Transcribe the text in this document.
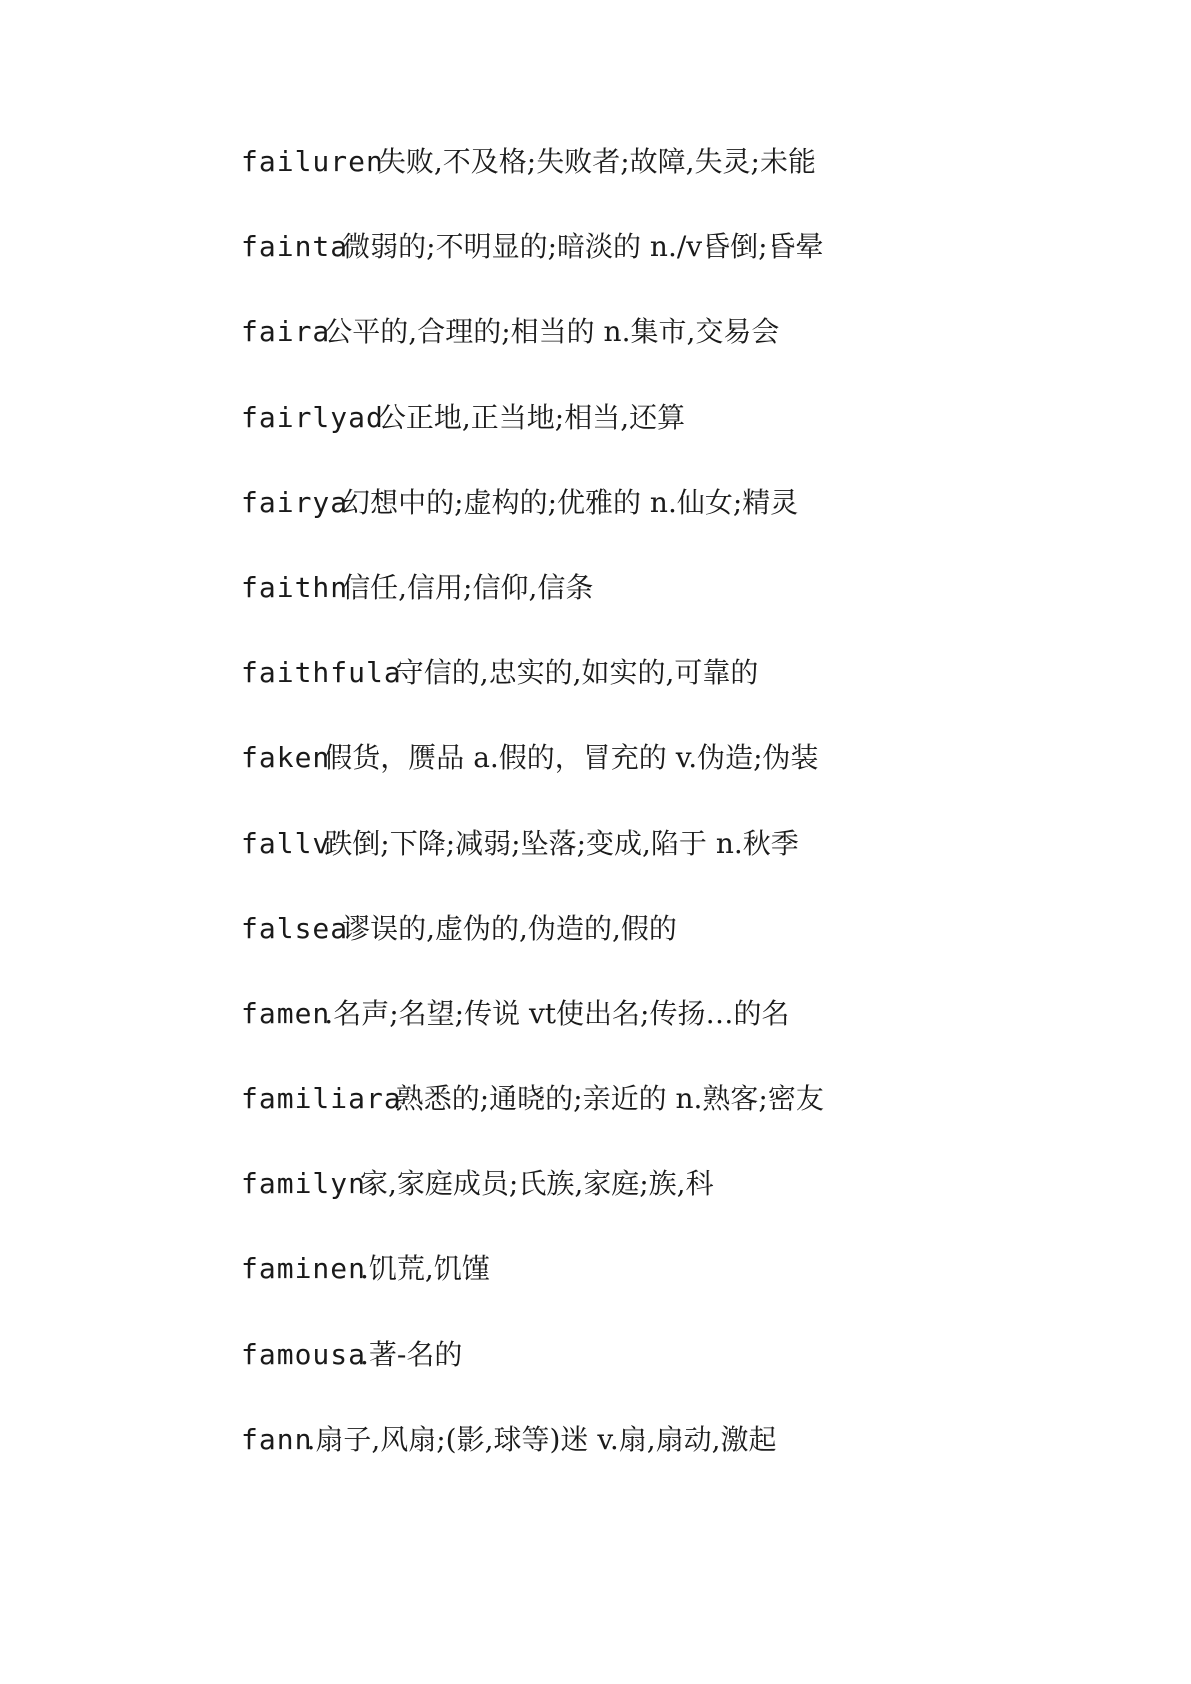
failuren
失败,不及格;失败者;故障,失灵;未能
fainta
微弱的;不明显的;暗淡的 n./v昏倒;昏晕
faira
公平的,合理的;相当的 n.集市,交易会
fairlyad
公正地,正当地;相当,还算
fairya
幻想中的;虚构的;优雅的 n.仙女;精灵
faithn
信任,信用;信仰,信条
faithfula
守信的,忠实的,如实的,可靠的
faken
假货，赝品 a.假的，冒充的 v.伪造;伪装
fallv
跌倒;下降;减弱;坠落;变成,陷于 n.秋季
falsea
谬误的,虚伪的,伪造的,假的
famen
.名声;名望;传说 vt使出名;传扬…的名
familiara
熟悉的;通晓的;亲近的 n.熟客;密友
familyn
家,家庭成员;氏族,家庭;族,科
faminen
.饥荒,饥馑
famousa
.著-名的
fann
.扇子,风扇;(影,球等)迷 v.扇,扇动,激起
